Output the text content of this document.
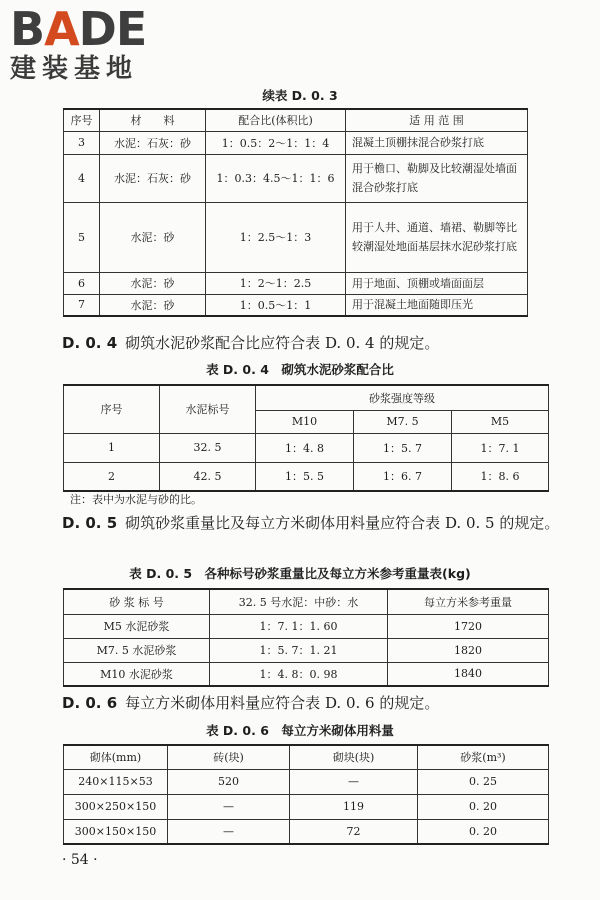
BADE
建装基地
续表 D. 0. 3
序号	材　　料	配合比(体积比)	适 用 范 围
3	水泥：石灰：砂	1：0.5：2～1：1：4	混凝土顶棚抹混合砂浆打底
4	水泥：石灰：砂	1：0.3：4.5～1：1：6	用于檐口、勒脚及比较潮湿处墙面混合砂浆打底
5	水泥：砂	1：2.5～1：3	用于人井、通道、墙裙、勒脚等比较潮湿处地面基层抹水泥砂浆打底
6	水泥：砂	1：2～1：2.5	用于地面、顶棚或墙面面层
7	水泥：砂	1：0.5～1：1	用于混凝土地面随即压光
D. 0. 4 砌筑水泥砂浆配合比应符合表 D. 0. 4 的规定。
表 D. 0. 4　砌筑水泥砂浆配合比
序号	水泥标号	砂浆强度等级		
		M10	M7. 5	M5
1	32. 5	1：4. 8	1：5. 7	1：7. 1
2	42. 5	1：5. 5	1：6. 7	1：8. 6
注：表中为水泥与砂的比。
D. 0. 5 砌筑砂浆重量比及每立方米砌体用料量应符合表 D. 0. 5 的规定。
表 D. 0. 5　各种标号砂浆重量比及每立方米参考重量表(kg)
砂 浆 标 号	32. 5 号水泥：中砂：水	每立方米参考重量
M5 水泥砂浆	1：7. 1：1. 60	1720
M7. 5 水泥砂浆	1：5. 7：1. 21	1820
M10 水泥砂浆	1：4. 8：0. 98	1840
D. 0. 6 每立方米砌体用料量应符合表 D. 0. 6 的规定。
表 D. 0. 6　每立方米砌体用料量
砌体(mm)	砖(块)	砌块(块)	砂浆(m³)
240×115×53	520	—	0. 25
300×250×150	—	119	0. 20
300×150×150	—	72	0. 20
· 54 ·
